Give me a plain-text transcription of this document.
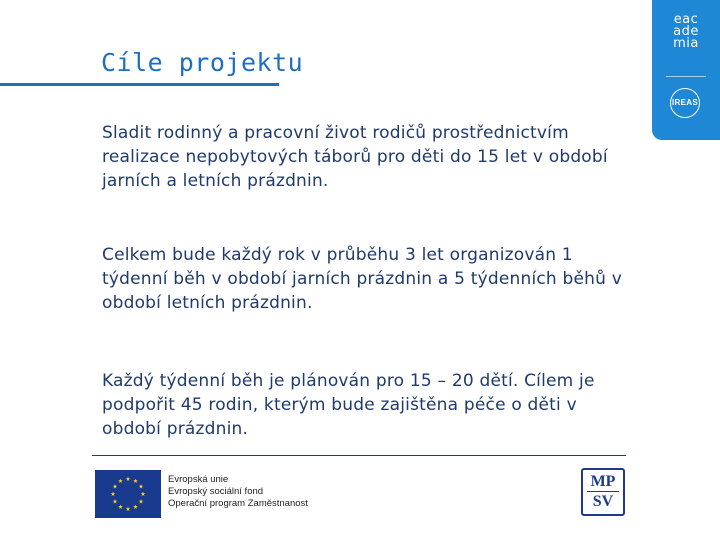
eac
ade
mia
IREAS
Cíle projektu

Sladit rodinný a pracovní život rodičů prostřednictvím realizace nepobytových táborů pro děti do 15 let v období jarních a letních prázdnin.

Celkem bude každý rok v průběhu 3 let organizován 1 týdenní běh v období jarních prázdnin a 5 týdenních běhů v období letních prázdnin.

Každý týdenní běh je plánován pro 15 – 20 dětí. Cílem je podpořit 45 rodin, kterým bude zajištěna péče o děti v období prázdnin.

Evropská unie
Evropský sociální fond
Operační program Zaměstnanost
MP
SV
